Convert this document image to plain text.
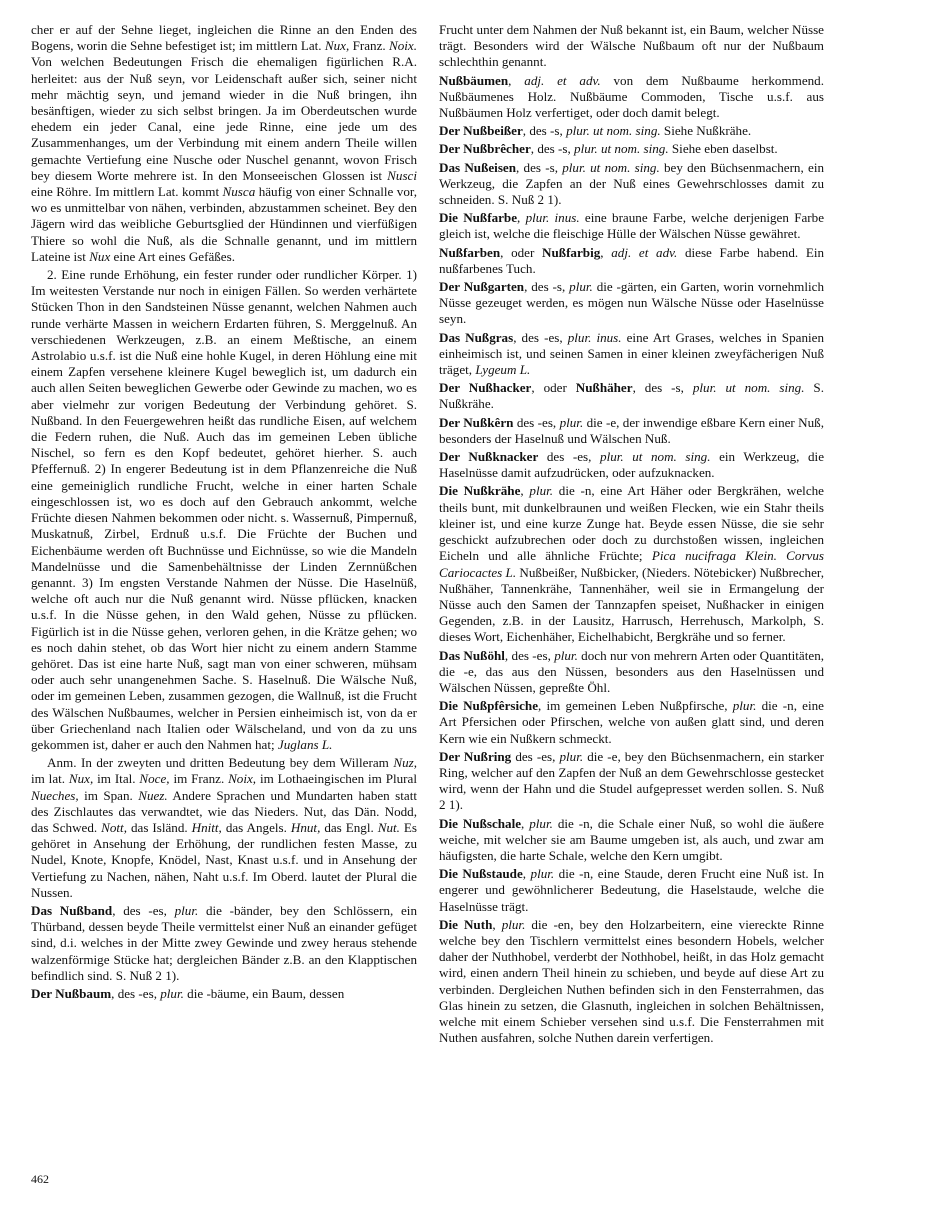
cher er auf der Sehne lieget, ingleichen die Rinne an den Enden des Bogens, worin die Sehne befestiget ist; im mittlern Lat. Nux, Franz. Noix. Von welchen Bedeutungen Frisch die ehemaligen figürlichen R.A. herleitet: aus der Nuß seyn, vor Leidenschaft außer sich, seiner nicht mehr mächtig seyn, und jemand wieder in die Nuß bringen, ihn besänftigen, wieder zu sich selbst bringen. Ja im Oberdeutschen wurde ehedem ein jeder Canal, eine jede Rinne, eine jede um des Zusammenhanges, um der Verbindung mit einem andern Theile willen gemachte Vertiefung eine Nusche oder Nuschel genannt, wovon Frisch bey diesem Worte mehrere ist. In den Monseeischen Glossen ist Nusci eine Röhre. Im mittlern Lat. kommt Nusca häufig von einer Schnalle vor, wo es unmittelbar von nähen, verbinden, abzustammen scheinet. Bey den Jägern wird das weibliche Geburtsglied der Hündinnen und vierfüßigen Thiere so wohl die Nuß, als die Schnalle genannt, und im mittlern Lateine ist Nux eine Art eines Gefäßes.

2. Eine runde Erhöhung, ein fester runder oder rundlicher Körper. 1) Im weitesten Verstande nur noch in einigen Fällen. So werden verhärtete Stücken Thon in den Sandsteinen Nüsse genannt, welchen Nahmen auch runde verhärte Massen in weichern Erdarten führen, S. Merggelnuß. An verschiedenen Werkzeugen, z.B. an einem Meßtische, an einem Astrolabio u.s.f. ist die Nuß eine hohle Kugel, in deren Höhlung eine mit einem Zapfen versehene kleinere Kugel beweglich ist, um dadurch ein auch allen Seiten beweglichen Gewerbe oder Gewinde zu machen, wo es aber vielmehr zur vorigen Bedeutung der Verbindung gehöret. S. Nußband. In den Feuergewehren heißt das rundliche Eisen, auf welchem die Federn ruhen, die Nuß. Auch das im gemeinen Leben übliche Nischel, so fern es den Kopf bedeutet, gehöret hierher. S. auch Pfeffernuß. 2) In engerer Bedeutung ist in dem Pflanzenreiche die Nuß eine gemeiniglich rundliche Frucht, welche in einer harten Schale eingeschlossen ist, wo es doch auf den Gebrauch ankommt, welche Früchte diesen Nahmen bekommen oder nicht. s. Wassernuß, Pimpernuß, Muskatnuß, Zirbel, Erdnuß u.s.f. Die Früchte der Buchen und Eichenbäume werden oft Buchnüsse und Eichnüsse, so wie die Mandeln Mandelnüsse und die Samenbehältnisse der Linden Zernnüßchen genannt. 3) Im engsten Verstande Nahmen der Nüsse. Die Haselnüß, welche oft auch nur die Nuß genannt wird. Nüsse pflücken, knacken u.s.f. In die Nüsse gehen, in den Wald gehen, Nüsse zu pflücken. Figürlich ist in die Nüsse gehen, verloren gehen, in die Krätze gehen; wo es noch dahin stehet, ob das Wort hier nicht zu einem andern Stamme gehöret. Das ist eine harte Nuß, sagt man von einer schweren, mühsam oder auch sehr unangenehmen Sache. S. Haselnuß. Die Wälsche Nuß, oder im gemeinen Leben, zusammen gezogen, die Wallnuß, ist die Frucht des Wälschen Nußbaumes, welcher in Persien einheimisch ist, von da er über Griechenland nach Italien oder Wälscheland, und von da zu uns gekommen ist, daher er auch den Nahmen hat; Juglans L.

Anm. In der zweyten und dritten Bedeutung bey dem Willeram Nuz, im lat. Nux, im Ital. Noce, im Franz. Noix, im Lothaeingischen im Plural Nueches, im Span. Nuez. Andere Sprachen und Mundarten haben statt des Zischlautes das verwandtet, wie das Nieders. Nut, das Dän. Nodd, das Schwed. Nott, das Isländ. Hnitt, das Angels. Hnut, das Engl. Nut. Es gehöret in Ansehung der Erhöhung, der rundlichen festen Masse, zu Nudel, Knote, Knopfe, Knödel, Nast, Knast u.s.f. und in Ansehung der Vertiefung zu Nachen, nähen, Naht u.s.f. Im Oberd. lautet der Plural die Nussen.

Das Nußband, des -es, plur. die -bänder, bey den Schlössern, ein Thürband, dessen beyde Theile vermittelst einer Nuß an einander gefüget sind, d.i. welches in der Mitte zwey Gewinde und zwey heraus stehende walzenförmige Stücke hat; dergleichen Bänder z.B. an den Klapptischen befindlich sind. S. Nuß 2 1).

Der Nußbaum, des -es, plur. die -bäume, ein Baum, dessen

Frucht unter dem Nahmen der Nuß bekannt ist, ein Baum, welcher Nüsse trägt. Besonders wird der Wälsche Nußbaum oft nur der Nußbaum schlechthin genannt.

Nußbäumen, adj. et adv. von dem Nußbaume herkommend. Nußbäumenes Holz. Nußbäume Commoden, Tische u.s.f. aus Nußbäumen Holz verfertiget, oder doch damit belegt.

Der Nußbeißer, des -s, plur. ut nom. sing. Siehe Nußkrähe.

Der Nußbrêcher, des -s, plur. ut nom. sing. Siehe eben daselbst.

Das Nußeisen, des -s, plur. ut nom. sing. bey den Büchsenmachern, ein Werkzeug, die Zapfen an der Nuß eines Gewehrschlosses damit zu schneiden. S. Nuß 2 1).

Die Nußfarbe, plur. inus. eine braune Farbe, welche derjenigen Farbe gleich ist, welche die fleischige Hülle der Wälschen Nüsse gewähret.

Nußfarben, oder Nußfarbig, adj. et adv. diese Farbe habend. Ein nußfarbenes Tuch.

Der Nußgarten, des -s, plur. die -gärten, ein Garten, worin vornehmlich Nüsse gezeuget werden, es mögen nun Wälsche Nüsse oder Haselnüsse seyn.

Das Nußgras, des -es, plur. inus. eine Art Grases, welches in Spanien einheimisch ist, und seinen Samen in einer kleinen zweyfächerigen Nuß träget, Lygeum L.

Der Nußhacker, oder Nußhäher, des -s, plur. ut nom. sing. S. Nußkrähe.

Der Nußkêrn des -es, plur. die -e, der inwendige eßbare Kern einer Nuß, besonders der Haselnuß und Wälschen Nuß.

Der Nußknacker des -es, plur. ut nom. sing. ein Werkzeug, die Haselnüsse damit aufzudrücken, oder aufzuknacken.

Die Nußkrähe, plur. die -n, eine Art Häher oder Bergkrähen, welche theils bunt, mit dunkelbraunen und weißen Flecken, wie ein Stahr theils kleiner ist, und eine kurze Zunge hat. Beyde essen Nüsse, die sie sehr geschickt aufzubrechen oder doch zu durchstoßen wissen, ingleichen Eicheln und alle ähnliche Früchte; Pica nucifraga Klein. Corvus Cariocactes L. Nußbeißer, Nußbicker, (Nieders. Nötebicker) Nußbrecher, Nußhäher, Tannenkrähe, Tannenhäher, weil sie in Ermangelung der Nüsse auch den Samen der Tannzapfen speiset, Nußhacker in einigen Gegenden, z.B. in der Lausitz, Harrusch, Herrehusch, Markolph, S. dieses Wort, Eichenhäher, Eichelhabicht, Bergkrähe und so ferner.

Das Nußöhl, des -es, plur. doch nur von mehrern Arten oder Quantitäten, die -e, das aus den Nüssen, besonders aus den Haselnüssen und Wälschen Nüssen, gepreßte Öhl.

Die Nußpfêrsiche, im gemeinen Leben Nußpfirsche, plur. die -n, eine Art Pfersichen oder Pfirschen, welche von außen glatt sind, und deren Kern wie ein Nußkern schmeckt.

Der Nußring des -es, plur. die -e, bey den Büchsenmachern, ein starker Ring, welcher auf den Zapfen der Nuß an dem Gewehrschlosse gestecket wird, wenn der Hahn und die Studel aufgepresset werden sollen. S. Nuß 2 1).

Die Nußschale, plur. die -n, die Schale einer Nuß, so wohl die äußere weiche, mit welcher sie am Baume umgeben ist, als auch, und zwar am häufigsten, die harte Schale, welche den Kern umgibt.

Die Nußstaude, plur. die -n, eine Staude, deren Frucht eine Nuß ist. In engerer und gewöhnlicherer Bedeutung, die Haselstaude, welche die Haselnüsse trägt.

Die Nuth, plur. die -en, bey den Holzarbeitern, eine viereckte Rinne welche bey den Tischlern vermittelst eines besondern Hobels, welcher daher der Nuthhobel, verderbt der Nothhobel, heißt, in das Holz gemacht wird, einen andern Theil hinein zu schieben, und beyde auf diese Art zu verbinden. Dergleichen Nuthen befinden sich in den Fensterrahmen, das Glas hinein zu setzen, die Glasnuth, ingleichen in solchen Behältnissen, welche mit einem Schieber versehen sind u.s.f. Die Fensterrahmen mit Nuthen ausfahren, solche Nuthen darein verfertigen.

462
